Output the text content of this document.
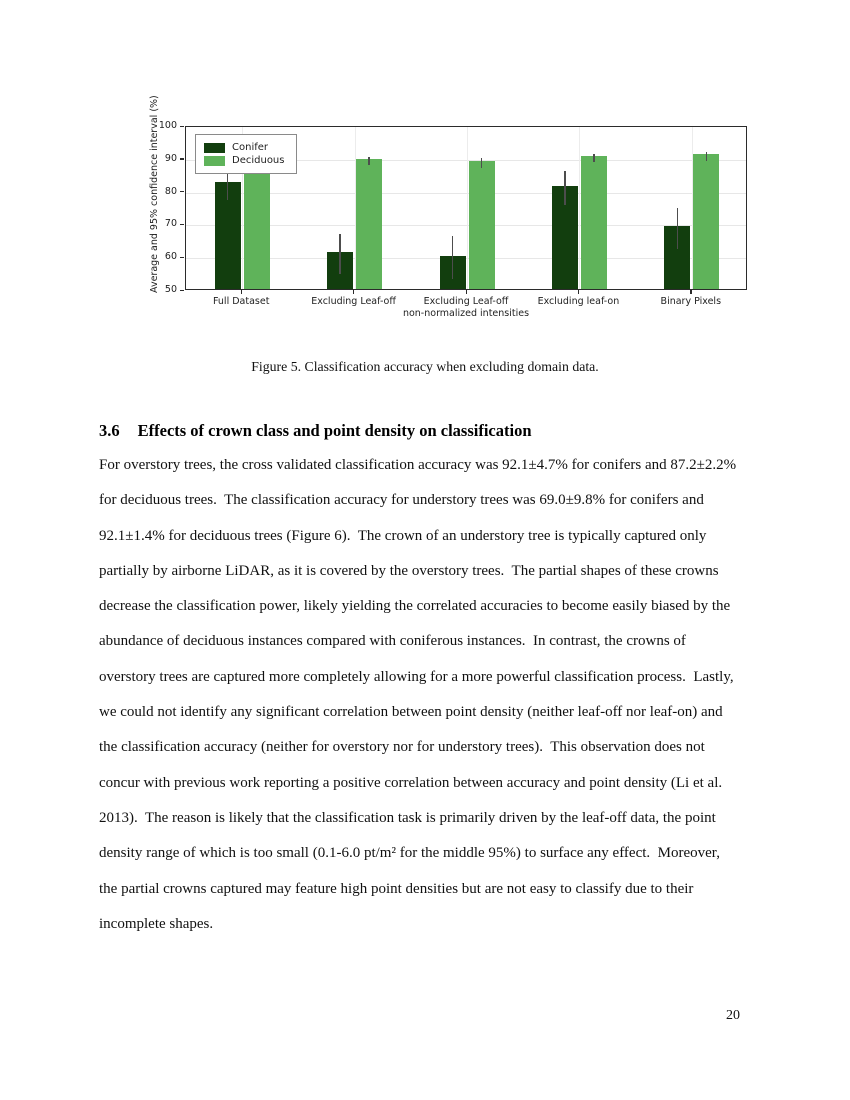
Average and 95% confidence interval (%) 50
60
70
80
90
100
Conifer
Deciduous
Full Dataset	Excluding Leaf-off	Excluding Leaf-off
non-normalized intensities
Excluding leaf-on	Binary Pixels
Figure 5. Classification accuracy when excluding domain data.
3.6 Effects of crown class and point density on classification
For overstory trees, the cross validated classification accuracy was 92.1±4.7% for conifers and 87.2±2.2%
for deciduous trees.  The classification accuracy for understory trees was 69.0±9.8% for conifers and
92.1±1.4% for deciduous trees (Figure 6).  The crown of an understory tree is typically captured only
partially by airborne LiDAR, as it is covered by the overstory trees.  The partial shapes of these crowns
decrease the classification power, likely yielding the correlated accuracies to become easily biased by the
abundance of deciduous instances compared with coniferous instances.  In contrast, the crowns of
overstory trees are captured more completely allowing for a more powerful classification process.  Lastly,
we could not identify any significant correlation between point density (neither leaf-off nor leaf-on) and
the classification accuracy (neither for overstory nor for understory trees).  This observation does not
concur with previous work reporting a positive correlation between accuracy and point density (Li et al.
2013).  The reason is likely that the classification task is primarily driven by the leaf-off data, the point
density range of which is too small (0.1-6.0 pt/m² for the middle 95%) to surface any effect.  Moreover,
the partial crowns captured may feature high point densities but are not easy to classify due to their
incomplete shapes.
20
